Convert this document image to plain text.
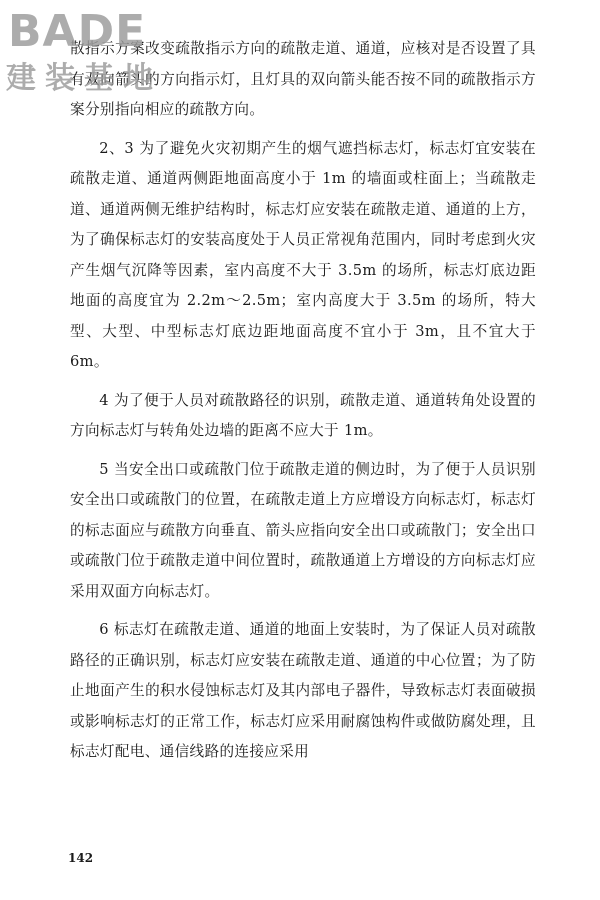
BADE
建装基地

散指示方案改变疏散指示方向的疏散走道、通道，应核对是否设置了具有双向箭头的方向指示灯，且灯具的双向箭头能否按不同的疏散指示方案分别指向相应的疏散方向。

2、3 为了避免火灾初期产生的烟气遮挡标志灯，标志灯宜安装在疏散走道、通道两侧距地面高度小于 1m 的墙面或柱面上；当疏散走道、通道两侧无维护结构时，标志灯应安装在疏散走道、通道的上方，为了确保标志灯的安装高度处于人员正常视角范围内，同时考虑到火灾产生烟气沉降等因素，室内高度不大于 3.5m 的场所，标志灯底边距地面的高度宜为 2.2m～2.5m；室内高度大于 3.5m 的场所，特大型、大型、中型标志灯底边距地面高度不宜小于 3m，且不宜大于 6m。

4 为了便于人员对疏散路径的识别，疏散走道、通道转角处设置的方向标志灯与转角处边墙的距离不应大于 1m。

5 当安全出口或疏散门位于疏散走道的侧边时，为了便于人员识别安全出口或疏散门的位置，在疏散走道上方应增设方向标志灯，标志灯的标志面应与疏散方向垂直、箭头应指向安全出口或疏散门；安全出口或疏散门位于疏散走道中间位置时，疏散通道上方增设的方向标志灯应采用双面方向标志灯。

6 标志灯在疏散走道、通道的地面上安装时，为了保证人员对疏散路径的正确识别，标志灯应安装在疏散走道、通道的中心位置；为了防止地面产生的积水侵蚀标志灯及其内部电子器件，导致标志灯表面破损或影响标志灯的正常工作，标志灯应采用耐腐蚀构件或做防腐处理，且标志灯配电、通信线路的连接应采用

142
